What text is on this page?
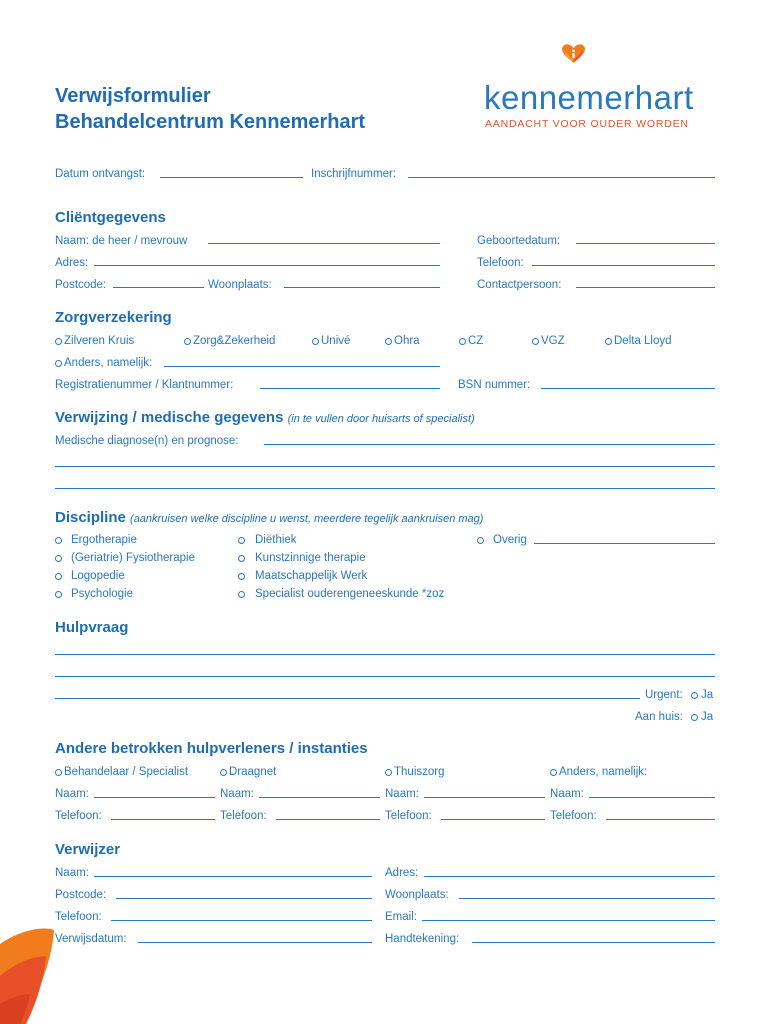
Verwijsformulier
Behandelcentrum Kennemerhart
kennemerhart
AANDACHT VOOR OUDER WORDEN
Datum ontvangst:	Inschrijfnummer:
Cliëntgegevens
Naam: de heer / mevrouw	Geboortedatum:
Adres:	Telefoon:
Postcode:	Woonplaats:	Contactpersoon:
Zorgverzekering
Zilveren Kruis	Zorg&Zekerheid	Univé	Ohra	CZ	VGZ	Delta Lloyd
Anders, namelijk:
Registratienummer / Klantnummer:	BSN nummer:
Verwijzing / medische gegevens (in te vullen door huisarts of specialist)
Medische diagnose(n) en prognose:
Discipline (aankruisen welke discipline u wenst, meerdere tegelijk aankruisen mag)
Ergotherapie
(Geriatrie) Fysiotherapie
Logopedie
Psychologie
Diëthiek
Kunstzinnige therapie
Maatschappelijk Werk
Specialist ouderengeneeskunde *zoz
Overig
Hulpvraag
Urgent: Ja
Aan huis: Ja
Andere betrokken hulpverleners / instanties
Behandelaar / Specialist	Draagnet	Thuiszorg	Anders, namelijk:
Naam:	Naam:	Naam:	Naam:
Telefoon:	Telefoon:	Telefoon:	Telefoon:
Verwijzer
Naam:	Adres:
Postcode:	Woonplaats:
Telefoon:	Email:
Verwijsdatum:	Handtekening:
